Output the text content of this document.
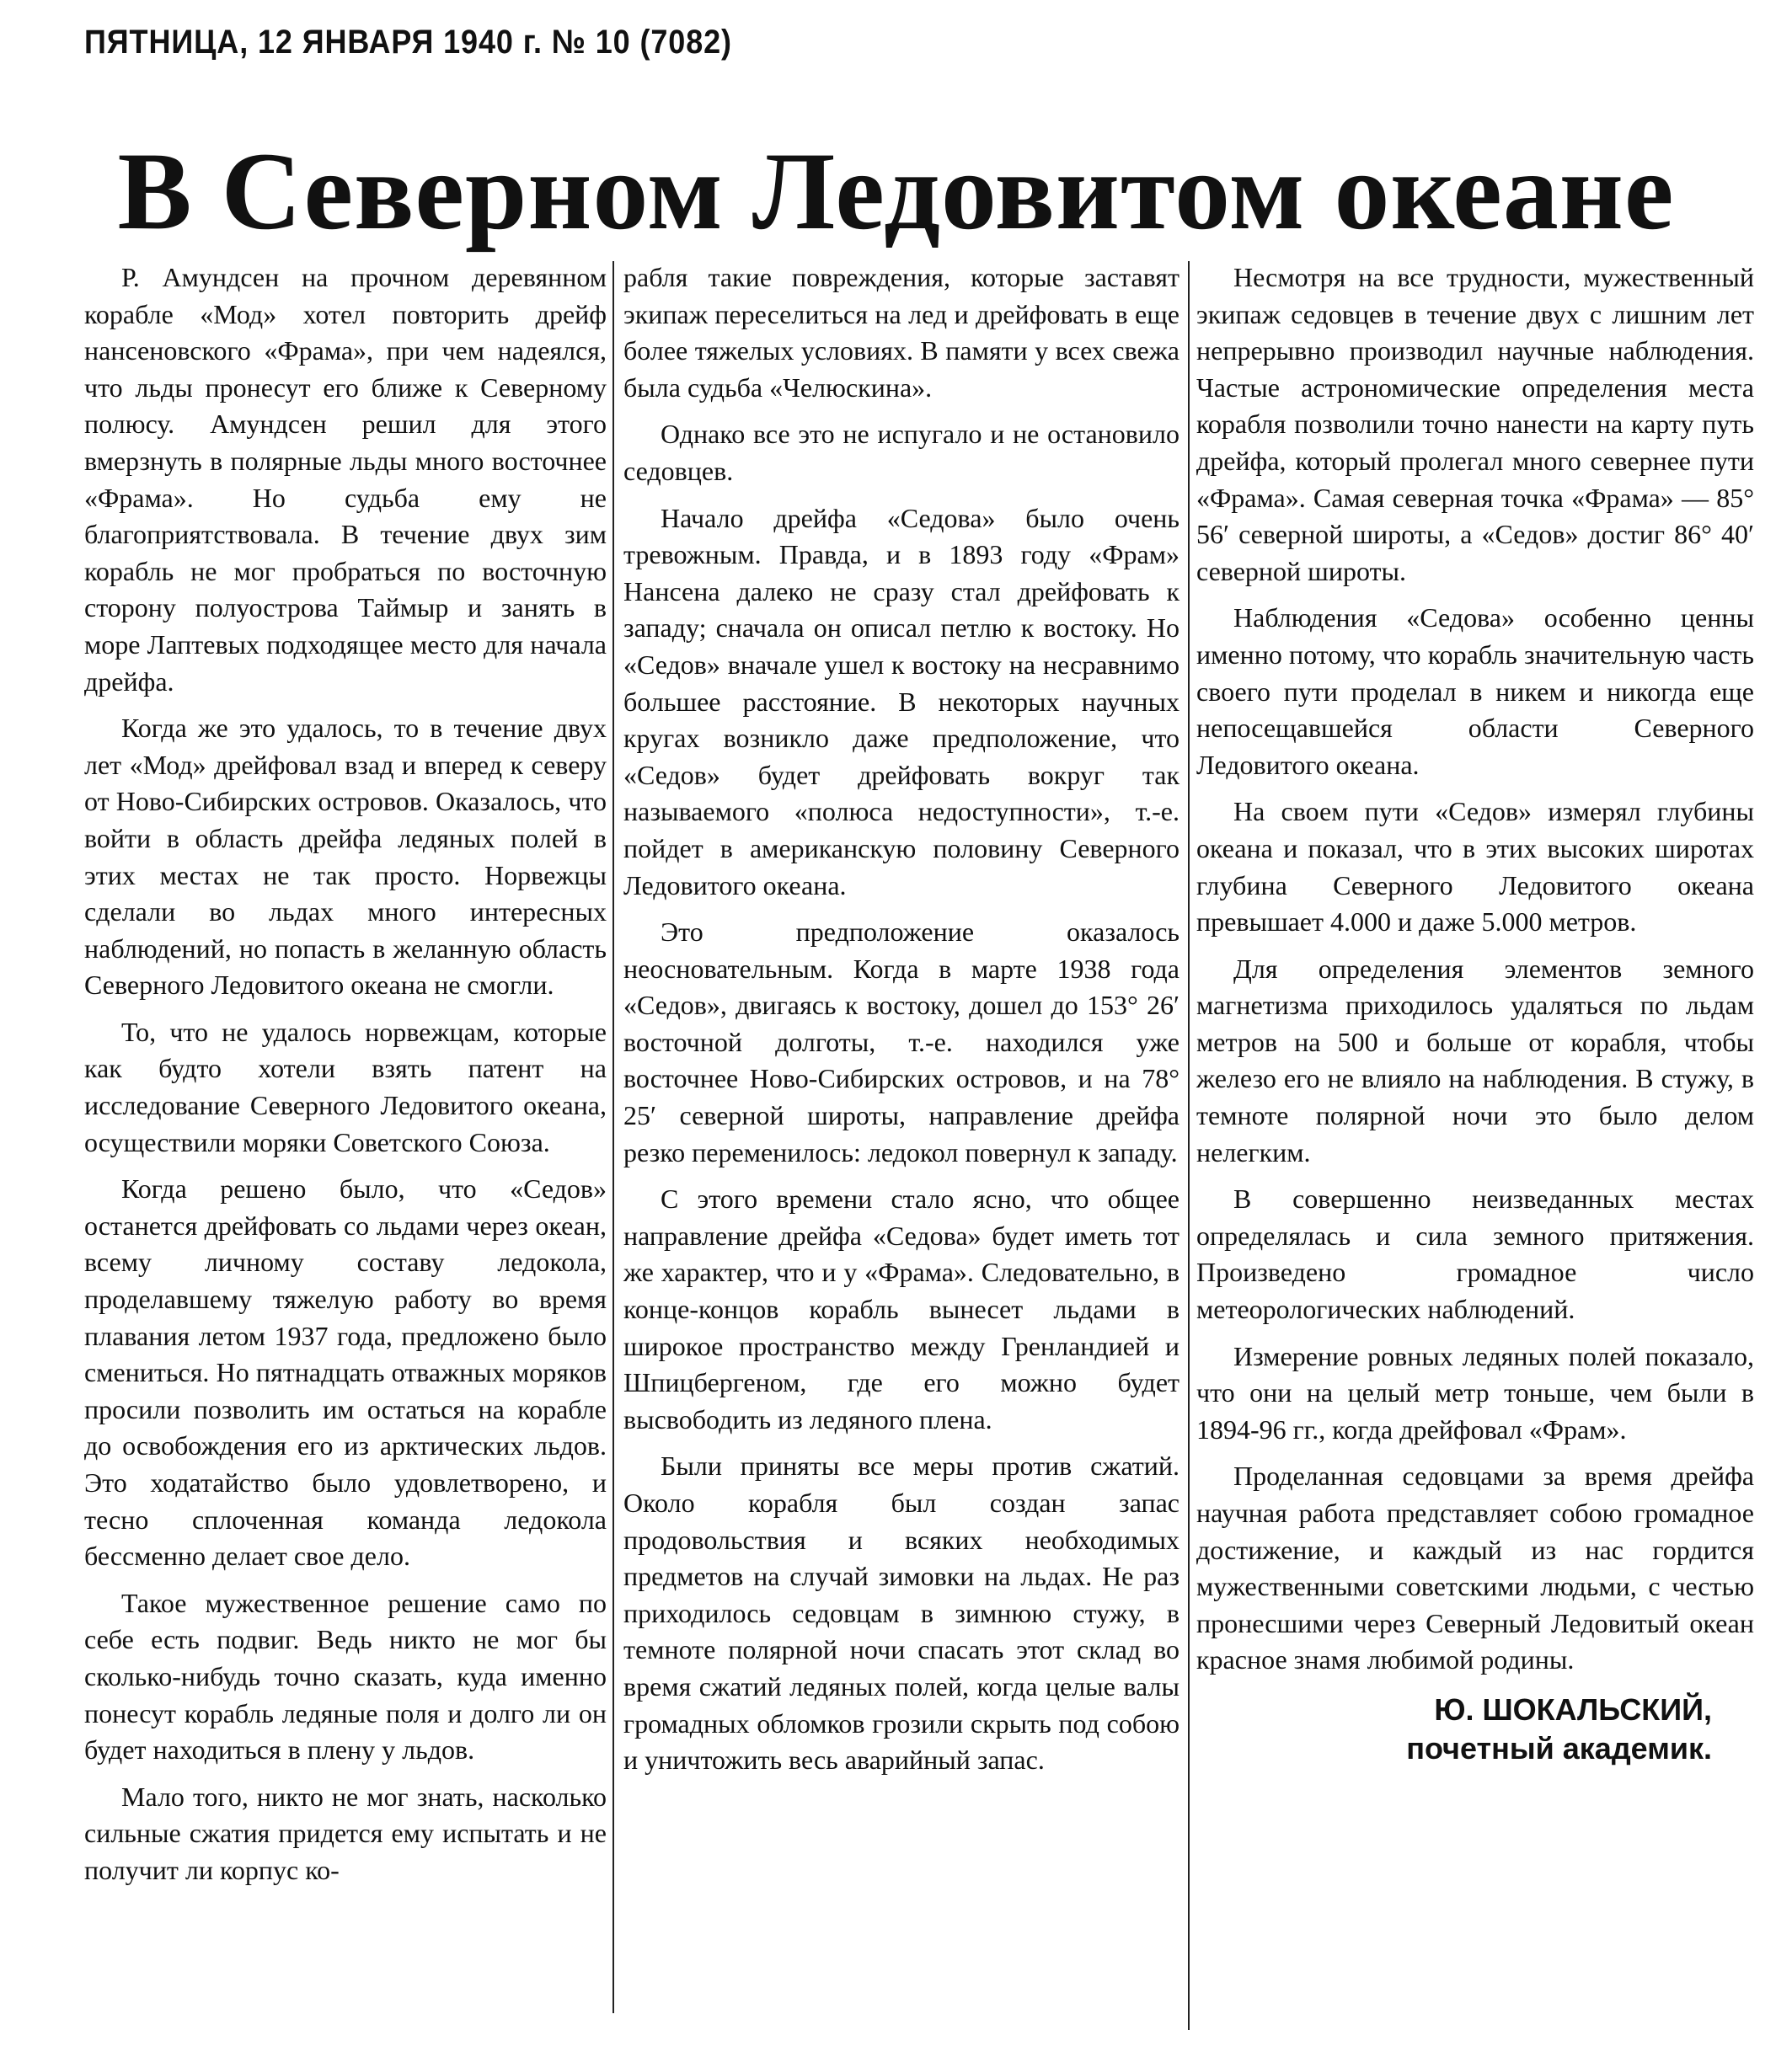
ПЯТНИЦА, 12 ЯНВАРЯ 1940 г. № 10 (7082)
В Северном Ледовитом океане

Р. Амундсен на прочном деревянном корабле «Мод» хотел повторить дрейф нансеновского «Фрама», при чем надеялся, что льды пронесут его ближе к Северному полюсу. Амундсен решил для этого вмерзнуть в полярные льды много восточнее «Фрама». Но судьба ему не благоприятствовала. В течение двух зим корабль не мог пробраться по восточную сторону полуострова Таймыр и занять в море Лаптевых подходящее место для начала дрейфа.

Когда же это удалось, то в течение двух лет «Мод» дрейфовал взад и вперед к северу от Ново-Сибирских островов. Оказалось, что войти в область дрейфа ледяных полей в этих местах не так просто. Норвежцы сделали во льдах много интересных наблюдений, но попасть в желанную область Северного Ледовитого океана не смогли.

То, что не удалось норвежцам, которые как будто хотели взять патент на исследование Северного Ледовитого океана, осуществили моряки Советского Союза.

Когда решено было, что «Седов» останется дрейфовать со льдами через океан, всему личному составу ледокола, проделавшему тяжелую работу во время плавания летом 1937 года, предложено было смениться. Но пятнадцать отважных моряков просили позволить им остаться на корабле до освобождения его из арктических льдов. Это ходатайство было удовлетворено, и тесно сплоченная команда ледокола бессменно делает свое дело.

Такое мужественное решение само по себе есть подвиг. Ведь никто не мог бы сколько-нибудь точно сказать, куда именно понесут корабль ледяные поля и долго ли он будет находиться в плену у льдов.

Мало того, никто не мог знать, насколько сильные сжатия придется ему испытать и не получит ли корпус ко-

рабля такие повреждения, которые заставят экипаж переселиться на лед и дрейфовать в еще более тяжелых условиях. В памяти у всех свежа была судьба «Челюскина».

Однако все это не испугало и не остановило седовцев.

Начало дрейфа «Седова» было очень тревожным. Правда, и в 1893 году «Фрам» Нансена далеко не сразу стал дрейфовать к западу; сначала он описал петлю к востоку. Но «Седов» вначале ушел к востоку на несравнимо большее расстояние. В некоторых научных кругах возникло даже предположение, что «Седов» будет дрейфовать вокруг так называемого «полюса недоступности», т.-е. пойдет в американскую половину Северного Ледовитого океана.

Это предположение оказалось неосновательным. Когда в марте 1938 года «Седов», двигаясь к востоку, дошел до 153° 26′ восточной долготы, т.-е. находился уже восточнее Ново-Сибирских островов, и на 78° 25′ северной широты, направление дрейфа резко переменилось: ледокол повернул к западу.

С этого времени стало ясно, что общее направление дрейфа «Седова» будет иметь тот же характер, что и у «Фрама». Следовательно, в конце-концов корабль вынесет льдами в широкое пространство между Гренландией и Шпицбергеном, где его можно будет высвободить из ледяного плена.

Были приняты все меры против сжатий. Около корабля был создан запас продовольствия и всяких необходимых предметов на случай зимовки на льдах. Не раз приходилось седовцам в зимнюю стужу, в темноте полярной ночи спасать этот склад во время сжатий ледяных полей, когда целые валы громадных обломков грозили скрыть под собою и уничтожить весь аварийный запас.

Несмотря на все трудности, мужественный экипаж седовцев в течение двух с лишним лет непрерывно производил научные наблюдения. Частые астрономические определения места корабля позволили точно нанести на карту путь дрейфа, который пролегал много севернее пути «Фрама». Самая северная точка «Фрама» — 85° 56′ северной широты, а «Седов» достиг 86° 40′ северной широты.

Наблюдения «Седова» особенно ценны именно потому, что корабль значительную часть своего пути проделал в никем и никогда еще непосещавшейся области Северного Ледовитого океана.

На своем пути «Седов» измерял глубины океана и показал, что в этих высоких широтах глубина Северного Ледовитого океана превышает 4.000 и даже 5.000 метров.

Для определения элементов земного магнетизма приходилось удаляться по льдам метров на 500 и больше от корабля, чтобы железо его не влияло на наблюдения. В стужу, в темноте полярной ночи это было делом нелегким.

В совершенно неизведанных местах определялась и сила земного притяжения. Произведено громадное число метеорологических наблюдений.

Измерение ровных ледяных полей показало, что они на целый метр тоньше, чем были в 1894-96 гг., когда дрейфовал «Фрам».

Проделанная седовцами за время дрейфа научная работа представляет собою громадное достижение, и каждый из нас гордится мужественными советскими людьми, с честью пронесшими через Северный Ледовитый океан красное знамя любимой родины.

Ю. ШОКАЛЬСКИЙ,
почетный академик.
